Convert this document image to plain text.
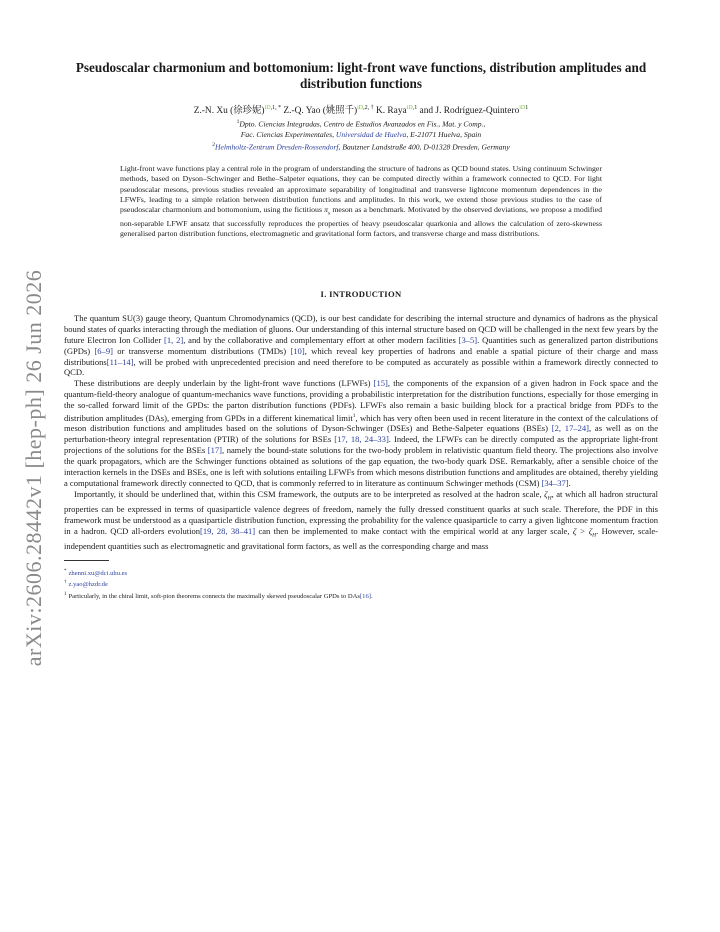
arXiv:2606.28442v1 [hep-ph] 26 Jun 2026
Pseudoscalar charmonium and bottomonium: light-front wave functions, distribution amplitudes and distribution functions
Z.-N. Xu (徐珍妮)$^{iD,1, *}$ Z.-Q. Yao (姚照千)$^{iD,2, \dagger}$ K. Raya$^{iD,1}$ and J. Rodríguez-Quintero$^{iD1}$
$^1$Dpto. Ciencias Integradas, Centro de Estudios Avanzados en Fis., Mat. y Comp.,
Fac. Ciencias Experimentales, Universidad de Huelva, E-21071 Huelva, Spain
$^2$Helmholtz-Zentrum Dresden-Rossendorf, Bautzner Landstraße 400, D-01328 Dresden, Germany
Light-front wave functions play a central role in the program of understanding the structure of hadrons as QCD bound states. Using continuum Schwinger methods, based on Dyson–Schwinger and Bethe–Salpeter equations, they can be computed directly within a framework connected to QCD. For light pseudoscalar mesons, previous studies revealed an approximate separability of longitudinal and transverse lightcone momentum dependences in the LFWFs, leading to a simple relation between distribution functions and amplitudes. In this work, we extend those previous studies to the case of pseudoscalar charmonium and bottomonium, using the fictitious $\pi_s$ meson as a benchmark. Motivated by the observed deviations, we propose a modified non-separable LFWF ansatz that successfully reproduces the properties of heavy pseudoscalar quarkonia and allows the calculation of zero-skewness generalised parton distribution functions, electromagnetic and gravitational form factors, and transverse charge and mass distributions.
I. INTRODUCTION

The quantum SU(3) gauge theory, Quantum Chromodynamics (QCD), is our best candidate for describing the internal structure and dynamics of hadrons as the physical bound states of quarks interacting through the mediation of gluons. Our understanding of this internal structure based on QCD will be challenged in the next few years by the future Electron Ion Collider [1, 2], and by the collaborative and complementary effort at other modern facilities [3–5]. Quantities such as generalized parton distributions (GPDs) [6–9] or transverse momentum distributions (TMDs) [10], which reveal key properties of hadrons and enable a spatial picture of their charge and mass distributions[11–14], will be probed with unprecedented precision and need therefore to be computed as accurately as possible within a framework directly connected to QCD.

These distributions are deeply underlain by the light-front wave functions (LFWFs) [15], the components of the expansion of a given hadron in Fock space and the quantum-field-theory analogue of quantum-mechanics wave functions, providing a probabilistic interpretation for the distribution functions, especially for those emerging in the so-called forward limit of the GPDs: the parton distribution functions (PDFs). LFWFs also remain a basic building block for a practical bridge from PDFs to the distribution amplitudes (DAs), emerging from GPDs in a different kinematical limit$^1$, which has very often been used in recent literature in the context of the calculations of meson distribution functions and amplitudes based on the solutions of Dyson-Schwinger (DSEs) and Bethe-Salpeter equations (BSEs) [2, 17–24], as well as on the perturbation-theory integral representation (PTIR) of the solutions for BSEs [17, 18, 24–33]. Indeed, the LFWFs can be directly computed as the appropriate light-front projections of the solutions for the BSEs [17], namely the bound-state solutions for the two-body problem in relativistic quantum field theory. The projections also involve the quark propagators, which are the Schwinger functions obtained as solutions of the gap equation, the two-body quark DSE. Remarkably, after a sensible choice of the interaction kernels in the DSEs and BSEs, one is left with solutions entailing LFWFs from which mesons distribution functions and amplitudes are obtained, thereby yielding a computational framework directly connected to QCD, that is commonly referred to in literature as continuum Schwinger methods (CSM) [34–37].

Importantly, it should be underlined that, within this CSM framework, the outputs are to be interpreted as resolved at the hadron scale, $\zeta_H$, at which all hadron structural properties can be expressed in terms of quasiparticle valence degrees of freedom, namely the fully dressed constituent quarks at such scale. Therefore, the PDF in this framework must be understood as a quasiparticle distribution function, expressing the probability for the valence quasiparticle to carry a given lightcone momentum fraction in a hadron. QCD all-orders evolution[19, 28, 38–41] can then be implemented to make contact with the empirical world at any larger scale, $\zeta > \zeta_H$. However, scale-independent quantities such as electromagnetic and gravitational form factors, as well as the corresponding charge and mass

* zhenni.xu@dci.uhu.es
† z.yao@hzdr.de
$^1$ Particularly, in the chiral limit, soft-pion theorems connects the maximally skewed pseudoscalar GPDs to DAs[16].
